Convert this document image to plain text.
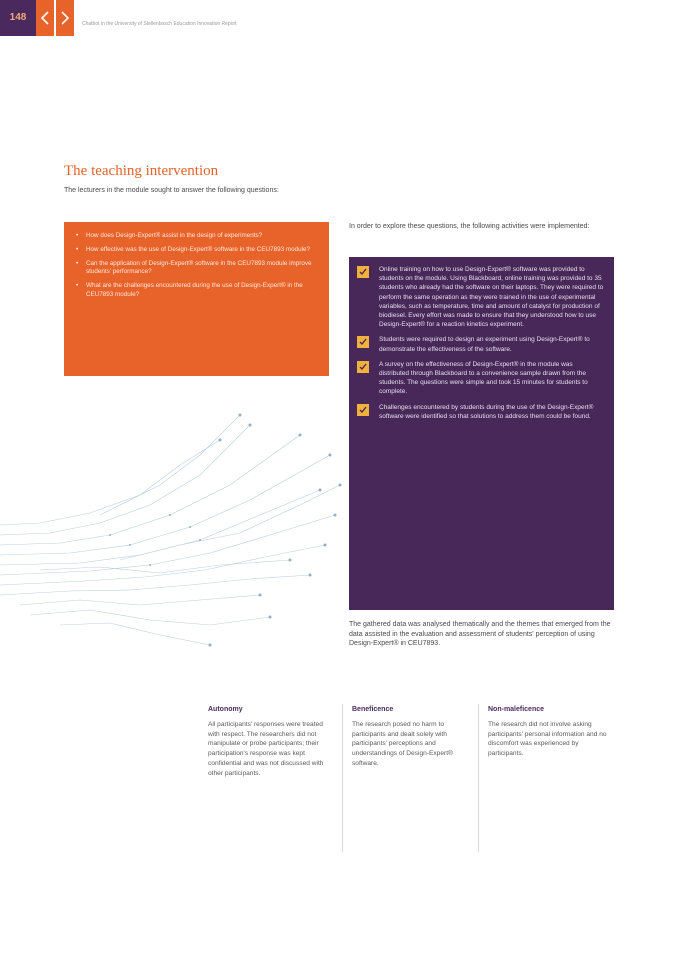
148
Chatbot in the University of Stellenbosch Education Innovation Report
The teaching intervention

The lecturers in the module sought to answer the following questions:

• How does Design-Expert® assist in the design of experiments?
• How effective was the use of Design-Expert® software in the CEU7893 module?
• Can the application of Design-Expert® software in the CEU7893 module improve students' performance?
• What are the challenges encountered during the use of Design-Expert® in the CEU7893 module?

In order to explore these questions, the following activities were implemented:

Online training on how to use Design-Expert® software was provided to students on the module. Using Blackboard, online training was provided to 35 students who already had the software on their laptops. They were required to perform the same operation as they were trained in the use of experimental variables, such as temperature, time and amount of catalyst for production of biodiesel. Every effort was made to ensure that they understood how to use Design-Expert® for a reaction kinetics experiment.
Students were required to design an experiment using Design-Expert® to demonstrate the effectiveness of the software.
A survey on the effectiveness of Design-Expert® in the module was distributed through Blackboard to a convenience sample drawn from the students. The questions were simple and took 15 minutes for students to complete.
Challenges encountered by students during the use of the Design-Expert® software were identified so that solutions to address them could be found.

The gathered data was analysed thematically and the themes that emerged from the data assisted in the evaluation and assessment of students' perception of using Design-Expert® in CEU7893.

Autonomy

All participants' responses were treated with respect. The researchers did not manipulate or probe participants; their participation's response was kept confidential and was not discussed with other participants.

Beneficence

The research posed no harm to participants and dealt solely with participants' perceptions and understandings of Design-Expert® software.

Non-maleficence

The research did not involve asking participants' personal information and no discomfort was experienced by participants.
